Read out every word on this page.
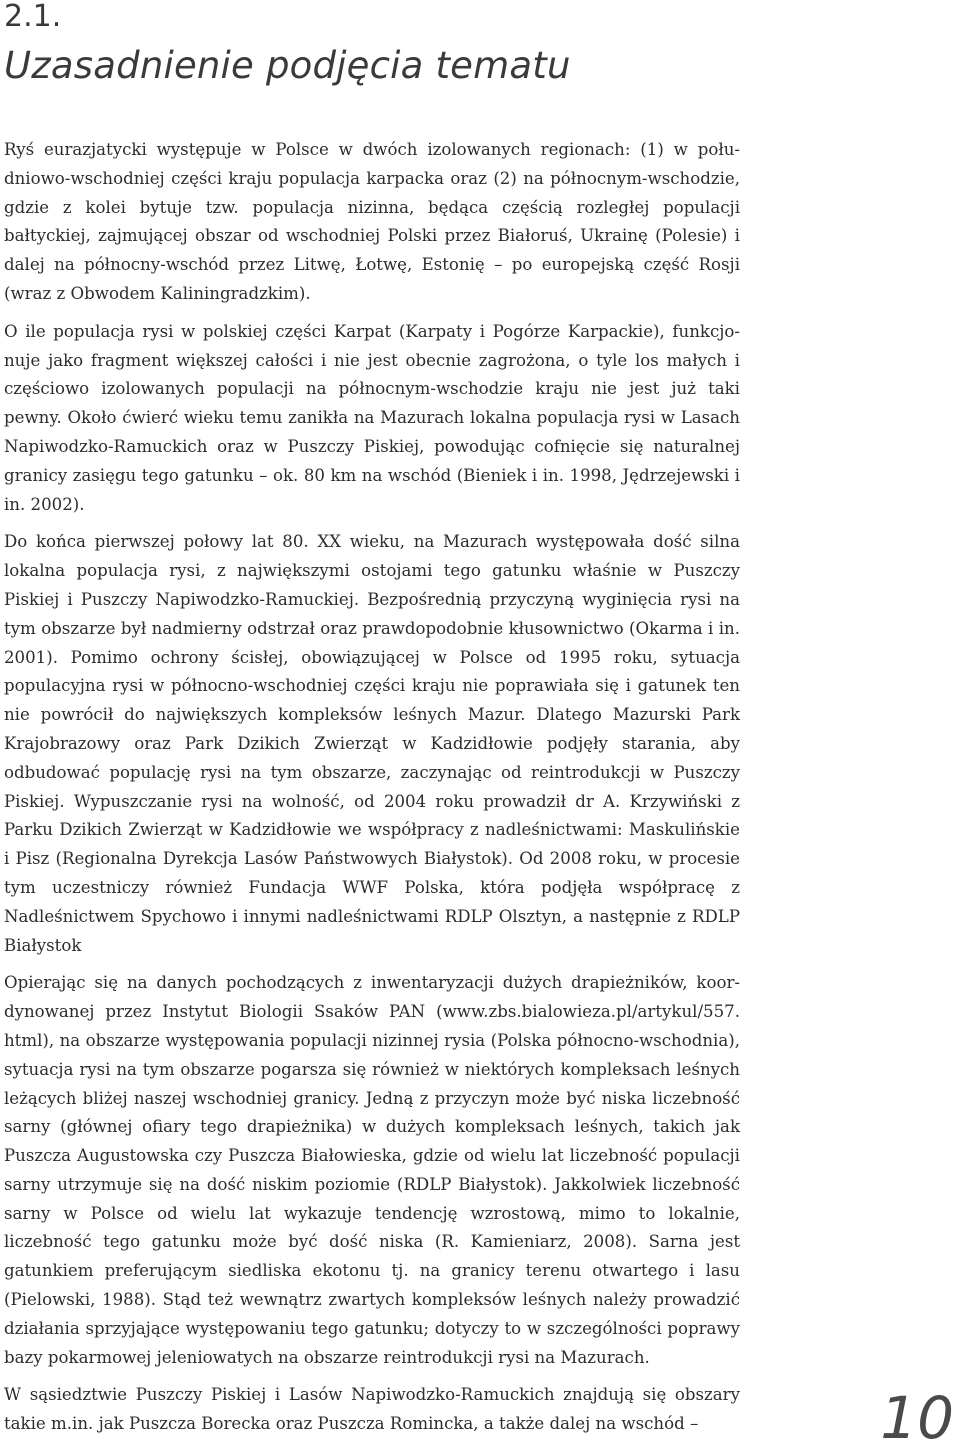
2.1.
Uzasadnienie podjęcia tematu

Ryś eurazjatycki występuje w Polsce w dwóch izolowanych regionach: (1) w południowo-wschodniej części kraju populacja karpacka oraz (2) na północnym-wschodzie, gdzie z kolei bytuje tzw. populacja nizinna, będąca częścią rozległej populacji bałtyckiej, zajmującej obszar od wschodniej Polski przez Białoruś, Ukrainę (Polesie) i dalej na północny-wschód przez Litwę, Łotwę, Estonię – po europejską część Rosji (wraz z Obwodem Kaliningradzkim).

O ile populacja rysi w polskiej części Karpat (Karpaty i Pogórze Karpackie), funkcjonuje jako fragment większej całości i nie jest obecnie zagrożona, o tyle los małych i częściowo izolowanych populacji na północnym-wschodzie kraju nie jest już taki pewny. Około ćwierć wieku temu zanikła na Mazurach lokalna populacja rysi w Lasach Napiwodzko-Ramuckich oraz w Puszczy Piskiej, powodując cofnięcie się naturalnej granicy zasięgu tego gatunku – ok. 80 km na wschód (Bieniek i in. 1998, Jędrzejewski i in. 2002).

Do końca pierwszej połowy lat 80. XX wieku, na Mazurach występowała dość silna lokalna populacja rysi, z największymi ostojami tego gatunku właśnie w Puszczy Piskiej i Puszczy Napiwodzko-Ramuckiej. Bezpośrednią przyczyną wyginięcia rysi na tym obszarze był nadmierny odstrzał oraz prawdopodobnie kłusownictwo (Okarma i in. 2001). Pomimo ochrony ścisłej, obowiązującej w Polsce od 1995 roku, sytuacja populacyjna rysi w północno-wschodniej części kraju nie poprawiała się i gatunek ten nie powrócił do największych kompleksów leśnych Mazur. Dlatego Mazurski Park Krajobrazowy oraz Park Dzikich Zwierząt w Kadzidłowie podjęły starania, aby odbudować populację rysi na tym obszarze, zaczynając od reintrodukcji w Puszczy Piskiej. Wypuszczanie rysi na wolność, od 2004 roku prowadził dr A. Krzywiński z Parku Dzikich Zwierząt w Kadzidłowie we współpracy z nadleśnictwami: Maskulińskie i Pisz (Regionalna Dyrekcja Lasów Państwowych Białystok). Od 2008 roku, w procesie tym uczestniczy również Fundacja WWF Polska, która podjęła współpracę z Nadleśnictwem Spychowo i innymi nadleśnictwami RDLP Olsztyn, a następnie z RDLP Białystok

Opierając się na danych pochodzących z inwentaryzacji dużych drapieżników, koordynowanej przez Instytut Biologii Ssaków PAN (www.zbs.bialowieza.pl/artykul/557.​html), na obszarze występowania populacji nizinnej rysia (Polska północno-wschodnia), sytuacja rysi na tym obszarze pogarsza się również w niektórych kompleksach leśnych leżących bliżej naszej wschodniej granicy. Jedną z przyczyn może być niska liczebność sarny (głównej ofiary tego drapieżnika) w dużych kompleksach leśnych, takich jak Puszcza Augustowska czy Puszcza Białowieska, gdzie od wielu lat liczebność populacji sarny utrzymuje się na dość niskim poziomie (RDLP Białystok). Jakkolwiek liczebność sarny w Polsce od wielu lat wykazuje tendencję wzrostową, mimo to lokalnie, liczebność tego gatunku może być dość niska (R. Kamieniarz, 2008). Sarna jest gatunkiem preferującym siedliska ekotonu tj. na granicy terenu otwartego i lasu (Pielowski, 1988). Stąd też wewnątrz zwartych kompleksów leśnych należy prowadzić działania sprzyjające występowaniu tego gatunku; dotyczy to w szczególności poprawy bazy pokarmowej jeleniowatych na obszarze reintrodukcji rysi na Mazurach.

W sąsiedztwie Puszczy Piskiej i Lasów Napiwodzko-Ramuckich znajdują się obszary takie m.in. jak Puszcza Borecka oraz Puszcza Romincka, a także dalej na wschód –	10
